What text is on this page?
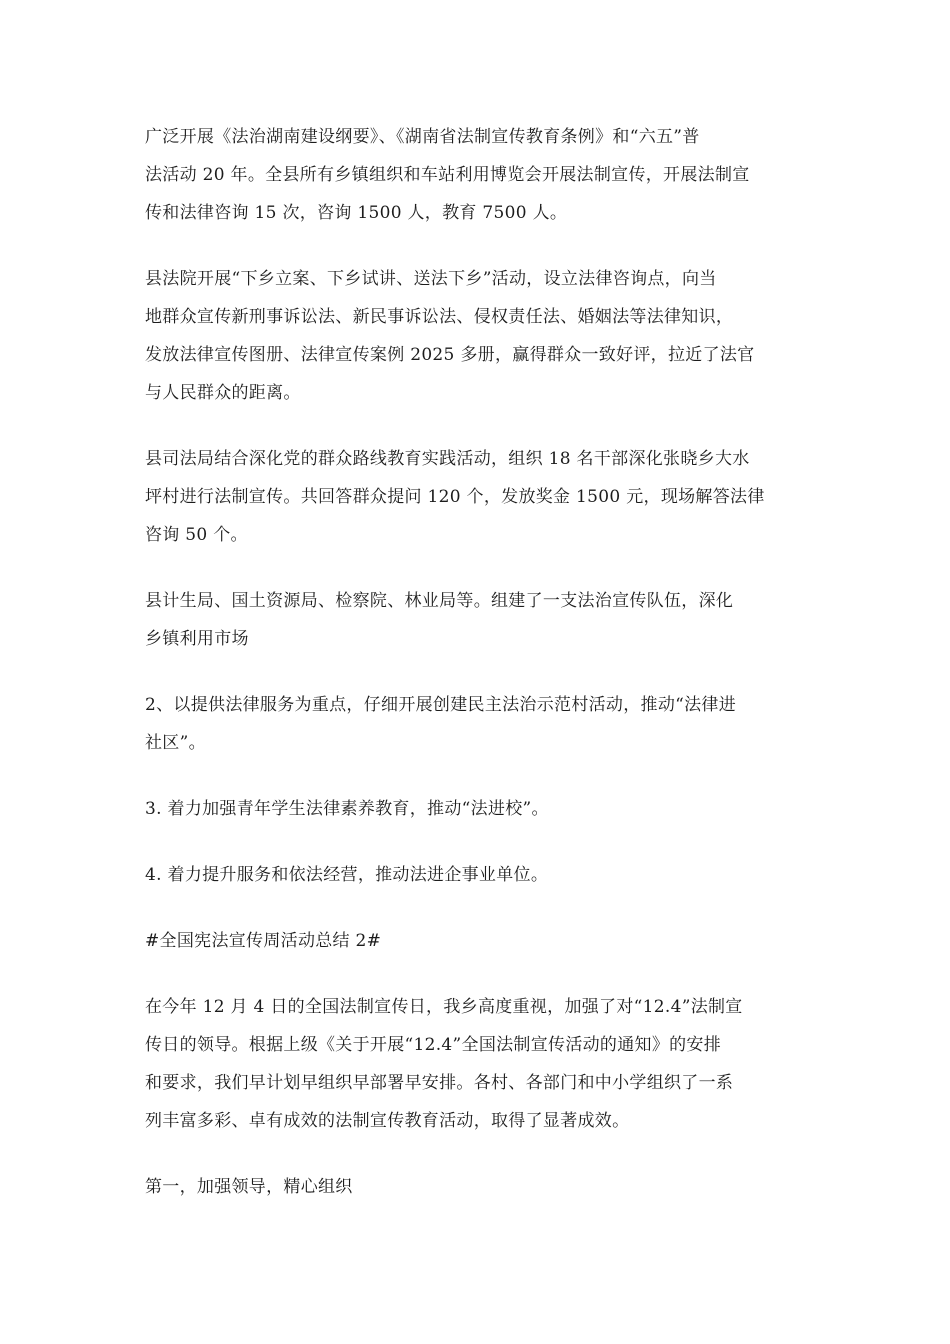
广泛开展《法治湖南建设纲要》、《湖南省法制宣传教育条例》和“六五”普
法活动 20 年。全县所有乡镇组织和车站利用博览会开展法制宣传，开展法制宣
传和法律咨询 15 次，咨询 1500 人，教育 7500 人。

县法院开展“下乡立案、下乡试讲、送法下乡”活动，设立法律咨询点，向当
地群众宣传新刑事诉讼法、新民事诉讼法、侵权责任法、婚姻法等法律知识，
发放法律宣传图册、法律宣传案例 2025 多册，赢得群众一致好评，拉近了法官
与人民群众的距离。

县司法局结合深化党的群众路线教育实践活动，组织 18 名干部深化张晓乡大水
坪村进行法制宣传。共回答群众提问 120 个，发放奖金 1500 元，现场解答法律
咨询 50 个。

县计生局、国土资源局、检察院、林业局等。组建了一支法治宣传队伍，深化
乡镇利用市场

2、以提供法律服务为重点，仔细开展创建民主法治示范村活动，推动“法律进
社区”。

3. 着力加强青年学生法律素养教育，推动“法进校”。

4. 着力提升服务和依法经营，推动法进企事业单位。

#全国宪法宣传周活动总结 2#

在今年 12 月 4 日的全国法制宣传日，我乡高度重视，加强了对“12.4”法制宣
传日的领导。根据上级《关于开展“12.4”全国法制宣传活动的通知》的安排
和要求，我们早计划早组织早部署早安排。各村、各部门和中小学组织了一系
列丰富多彩、卓有成效的法制宣传教育活动，取得了显著成效。

第一，加强领导，精心组织
